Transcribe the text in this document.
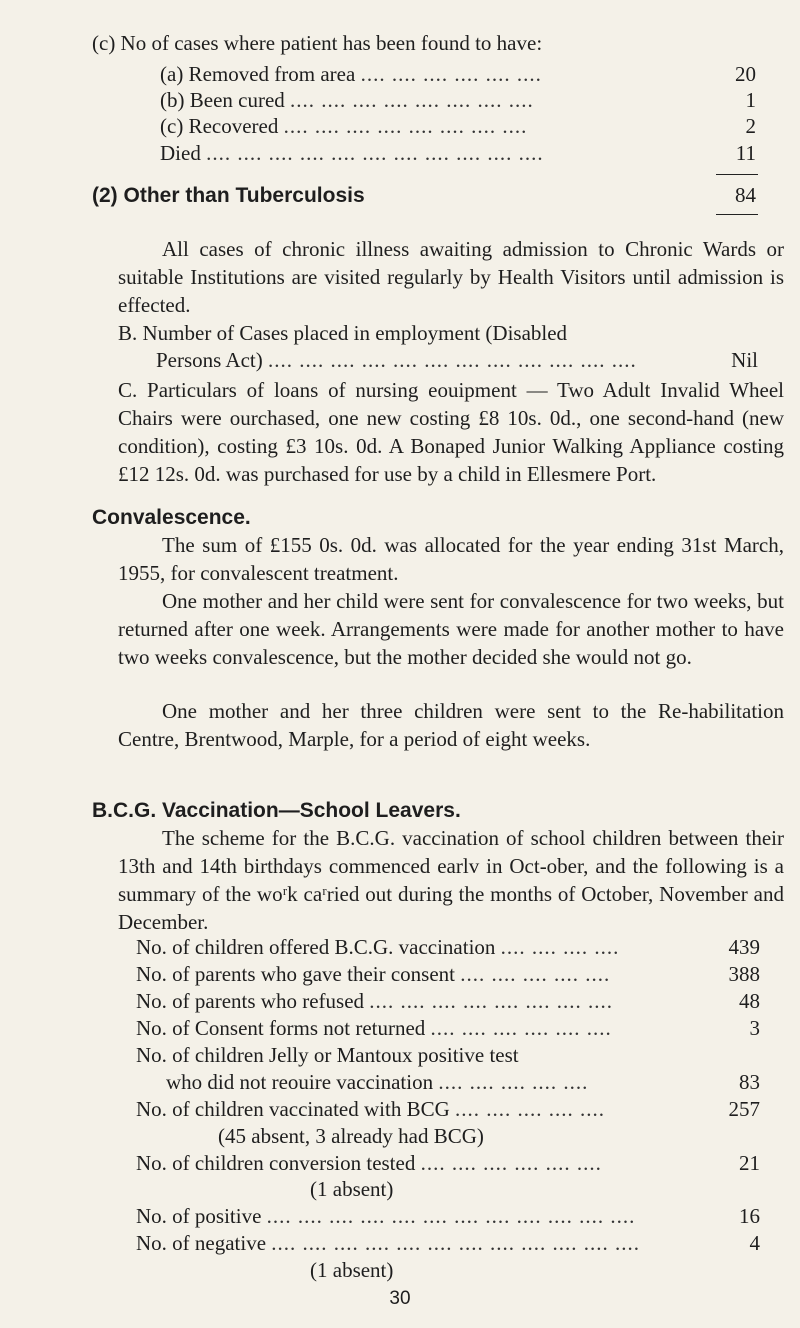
(c) No of cases where patient has been found to have:
(a) Removed from area .... .... .... .... .... ....	20
(b) Been cured .... .... .... .... .... .... .... ....	1
(c) Recovered .... .... .... .... .... .... .... ....	2
Died .... .... .... .... .... .... .... .... .... .... ....	11
(2) Other than Tuberculosis	84
All cases of chronic illness awaiting admission to Chronic Wards or suitable Institutions are visited regularly by Health Visitors until admission is effected.
B. Number of Cases placed in employment (Disabled
Persons Act) .... .... .... .... .... .... .... .... .... .... .... ....	Nil
C. Particulars of loans of nursing eouipment — Two Adult Invalid Wheel Chairs were ourchased, one new costing £8 10s. 0d., one second-hand (new condition), costing £3 10s. 0d. A Bonaped Junior Walking Appliance costing £12 12s. 0d. was purchased for use by a child in Ellesmere Port.
Convalescence.
The sum of £155 0s. 0d. was allocated for the year ending 31st March, 1955, for convalescent treatment.
One mother and her child were sent for convalescence for two weeks, but returned after one week. Arrangements were made for another mother to have two weeks convalescence, but the mother decided she would not go.
One mother and her three children were sent to the Re-habilitation Centre, Brentwood, Marple, for a period of eight weeks.
B.C.G. Vaccination—School Leavers.
The scheme for the B.C.G. vaccination of school children between their 13th and 14th birthdays commenced earlv in Oct-ober, and the following is a summary of the woʳk caʳried out during the months of October, November and December.
No. of children offered B.C.G. vaccination .... .... .... ....	439
No. of parents who gave their consent .... .... .... .... ....	388
No. of parents who refused .... .... .... .... .... .... .... ....	48
No. of Consent forms not returned .... .... .... .... .... ....	3
No. of children Jelly or Mantoux positive test
who did not reouire vaccination .... .... .... .... ....	83
No. of children vaccinated with BCG .... .... .... .... ....	257
(45 absent, 3 already had BCG)
No. of children conversion tested .... .... .... .... .... ....	21
(1 absent)
No. of positive .... .... .... .... .... .... .... .... .... .... .... ....	16
No. of negative .... .... .... .... .... .... .... .... .... .... .... ....	4
(1 absent)
30
